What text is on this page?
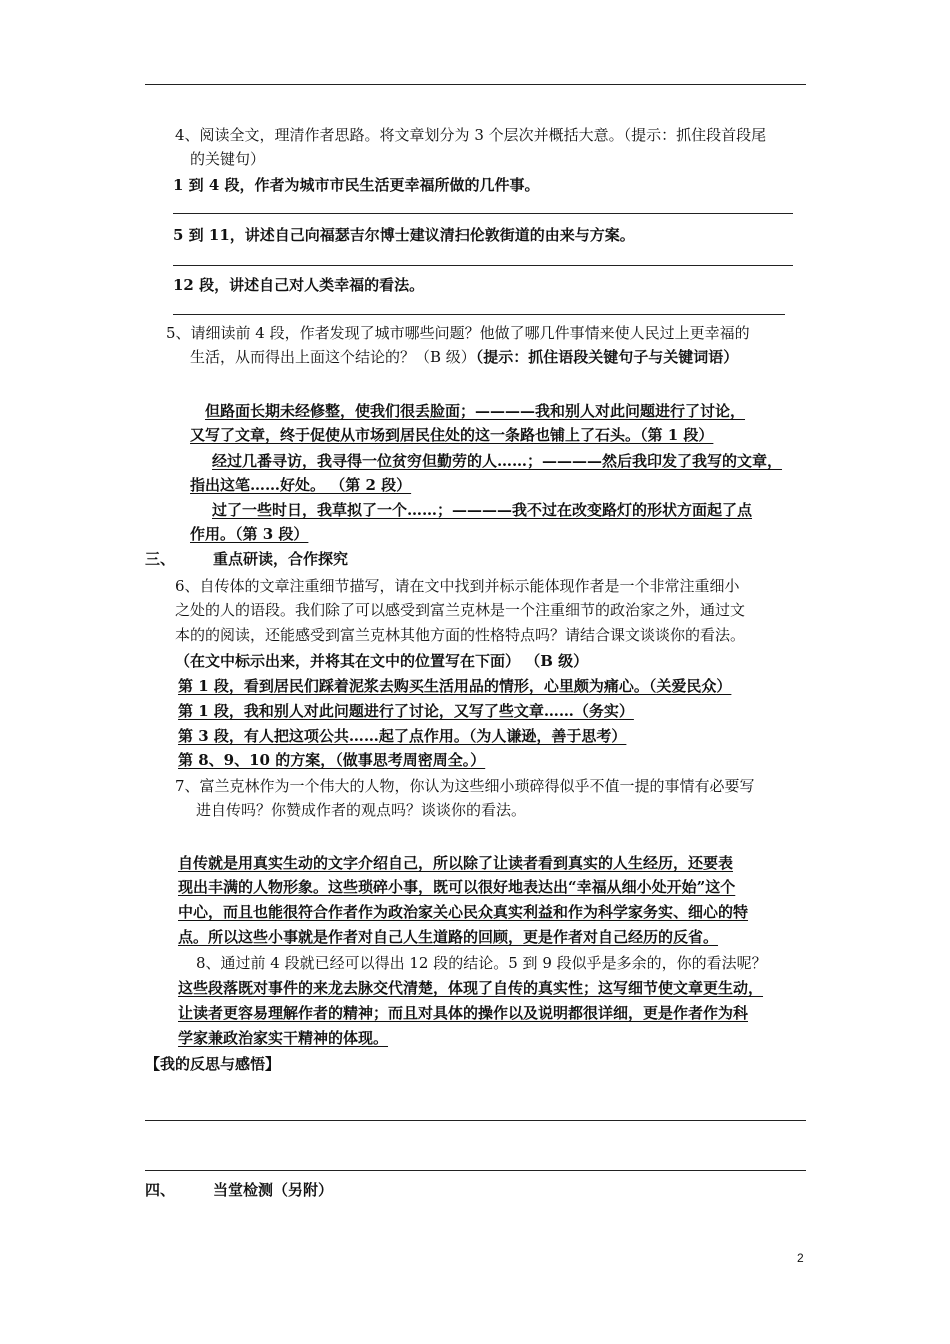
4、阅读全文，理清作者思路。将文章划分为 3 个层次并概括大意。（提示：抓住段首段尾
的关键句）
1 到 4 段，作者为城市市民生活更幸福所做的几件事。
5 到 11，讲述自己向福瑟吉尔博士建议清扫伦敦街道的由来与方案。
12 段，讲述自己对人类幸福的看法。
5、请细读前 4 段，作者发现了城市哪些问题？他做了哪几件事情来使人民过上更幸福的
生活，从而得出上面这个结论的？（B 级）（提示：抓住语段关键句子与关键词语）
但路面长期未经修整，使我们很丢脸面；————我和别人对此问题进行了讨论，
又写了文章，终于促使从市场到居民住处的这一条路也铺上了石头。（第 1 段）
经过几番寻访，我寻得一位贫穷但勤劳的人……；————然后我印发了我写的文章，
指出这笔……好处。 （第 2 段）
过了一些时日，我草拟了一个……；————我不过在改变路灯的形状方面起了点
作用。（第 3 段）
三、	重点研读，合作探究
6、自传体的文章注重细节描写，请在文中找到并标示能体现作者是一个非常注重细小
之处的人的语段。我们除了可以感受到富兰克林是一个注重细节的政治家之外，通过文
本的的阅读，还能感受到富兰克林其他方面的性格特点吗？请结合课文谈谈你的看法。
（在文中标示出来，并将其在文中的位置写在下面） （B 级）
第 1 段，看到居民们踩着泥浆去购买生活用品的情形，心里颇为痛心。（关爱民众）
第 1 段，我和别人对此问题进行了讨论，又写了些文章……（务实）
第 3 段，有人把这项公共……起了点作用。（为人谦逊，善于思考）
第 8、9、10 的方案，（做事思考周密周全。）
7、富兰克林作为一个伟大的人物，你认为这些细小琐碎得似乎不值一提的事情有必要写
进自传吗？你赞成作者的观点吗？谈谈你的看法。
自传就是用真实生动的文字介绍自己，所以除了让读者看到真实的人生经历，还要表
现出丰满的人物形象。这些琐碎小事，既可以很好地表达出“幸福从细小处开始”这个
中心，而且也能很符合作者作为政治家关心民众真实利益和作为科学家务实、细心的特
点。所以这些小事就是作者对自己人生道路的回顾，更是作者对自己经历的反省。
8、通过前 4 段就已经可以得出 12 段的结论。5 到 9 段似乎是多余的，你的看法呢？
这些段落既对事件的来龙去脉交代清楚，体现了自传的真实性；这写细节使文章更生动，
让读者更容易理解作者的精神；而且对具体的操作以及说明都很详细，更是作者作为科
学家兼政治家实干精神的体现。
【我的反思与感悟】
四、	当堂检测（另附）
2
